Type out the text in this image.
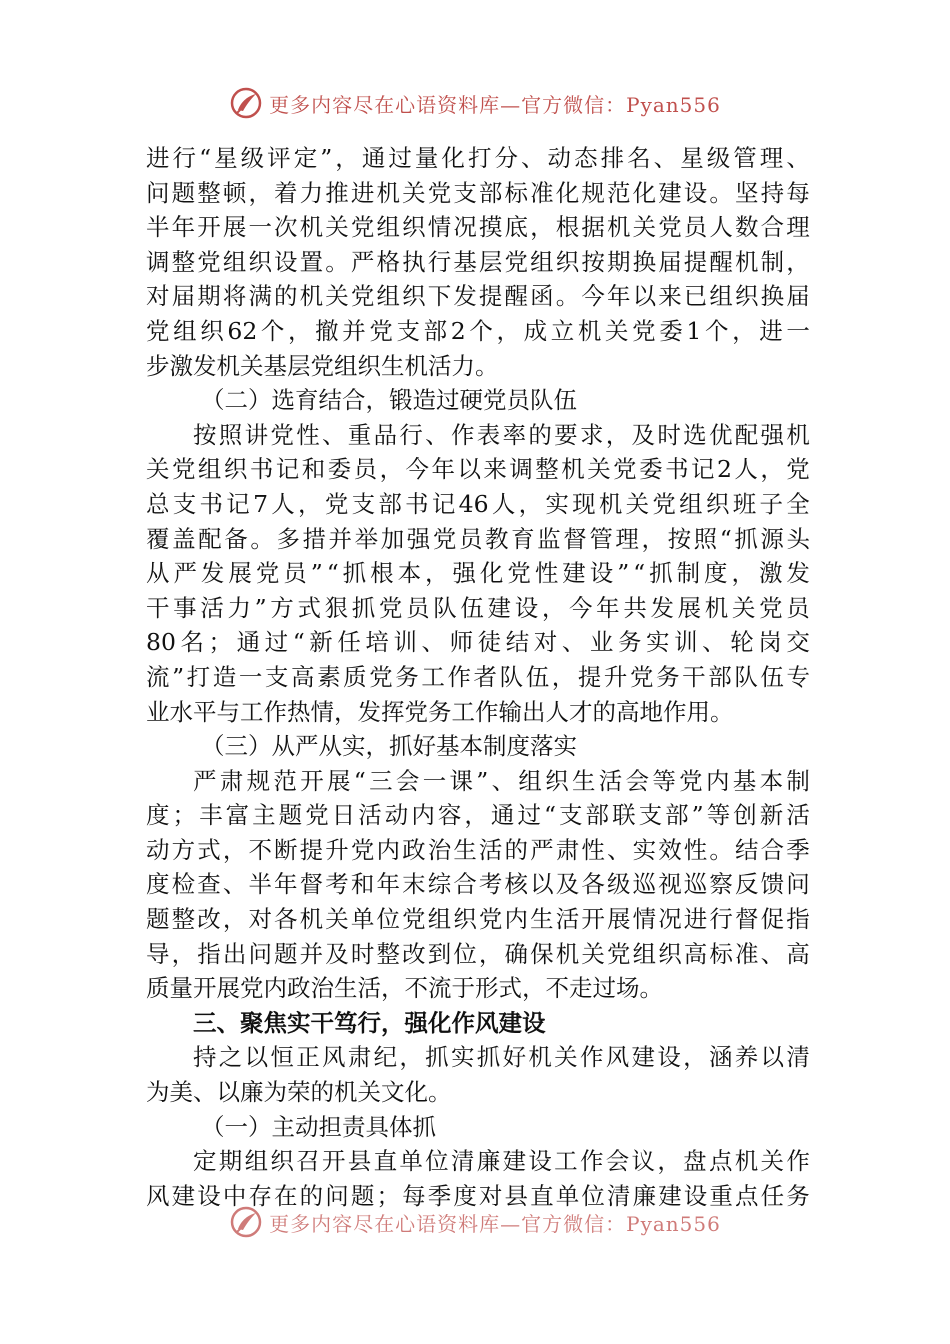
更多内容尽在心语资料库—官方微信：Pyan556
进 行 “ 星 级 评 定 ” ， 通 过 量 化 打 分 、 动 态 排 名 、 星 级 管 理 、
问 题 整 顿 ， 着 力 推 进 机 关 党 支 部 标 准 化 规 范 化 建 设 。 坚 持 每
半 年 开 展 一 次 机 关 党 组 织 情 况 摸 底 ， 根 据 机 关 党 员 人 数 合 理
调 整 党 组 织 设 置 。 严 格 执 行 基 层 党 组 织 按 期 换 届 提 醒 机 制 ，
对 届 期 将 满 的 机 关 党 组 织 下 发 提 醒 函 。 今 年 以 来 已 组 织 换 届
党 组 织 62 个 ， 撤 并 党 支 部 2 个 ， 成 立 机 关 党 委 1 个 ， 进 一
步激发机关基层党组织生机活力。
（二）选育结合，锻造过硬党员队伍
按 照 讲 党 性 、 重 品 行 、 作 表 率 的 要 求 ， 及 时 选 优 配 强 机
关 党 组 织 书 记 和 委 员 ， 今 年 以 来 调 整 机 关 党 委 书 记 2 人 ， 党
总 支 书 记 7 人 ， 党 支 部 书 记 46 人 ， 实 现 机 关 党 组 织 班 子 全
覆 盖 配 备 。 多 措 并 举 加 强 党 员 教 育 监 督 管 理 ， 按 照 “ 抓 源 头
从 严 发 展 党 员 ” “ 抓 根 本 ， 强 化 党 性 建 设 ” “ 抓 制 度 ， 激 发
干 事 活 力 ” 方 式 狠 抓 党 员 队 伍 建 设 ， 今 年 共 发 展 机 关 党 员
80 名 ； 通 过 “ 新 任 培 训 、 师 徒 结 对 、 业 务 实 训 、 轮 岗 交
流 ” 打 造 一 支 高 素 质 党 务 工 作 者 队 伍 ， 提 升 党 务 干 部 队 伍 专
业水平与工作热情，发挥党务工作输出人才的高地作用。
（三）从严从实，抓好基本制度落实
严 肃 规 范 开 展 “ 三 会 一 课 ” 、 组 织 生 活 会 等 党 内 基 本 制
度 ； 丰 富 主 题 党 日 活 动 内 容 ， 通 过 “ 支 部 联 支 部 ” 等 创 新 活
动 方 式 ， 不 断 提 升 党 内 政 治 生 活 的 严 肃 性 、 实 效 性 。 结 合 季
度 检 查 、 半 年 督 考 和 年 末 综 合 考 核 以 及 各 级 巡 视 巡 察 反 馈 问
题 整 改 ， 对 各 机 关 单 位 党 组 织 党 内 生 活 开 展 情 况 进 行 督 促 指
导 ， 指 出 问 题 并 及 时 整 改 到 位 ， 确 保 机 关 党 组 织 高 标 准 、 高
质量开展党内政治生活，不流于形式，不走过场。
三、聚焦实干笃行，强化作风建设
持 之 以 恒 正 风 肃 纪 ， 抓 实 抓 好 机 关 作 风 建 设 ， 涵 养 以 清
为美、以廉为荣的机关文化。
（一）主动担责具体抓
定 期 组 织 召 开 县 直 单 位 清 廉 建 设 工 作 会 议 ， 盘 点 机 关 作
风 建 设 中 存 在 的 问 题 ； 每 季 度 对 县 直 单 位 清 廉 建 设 重 点 任 务
更多内容尽在心语资料库—官方微信：Pyan556
